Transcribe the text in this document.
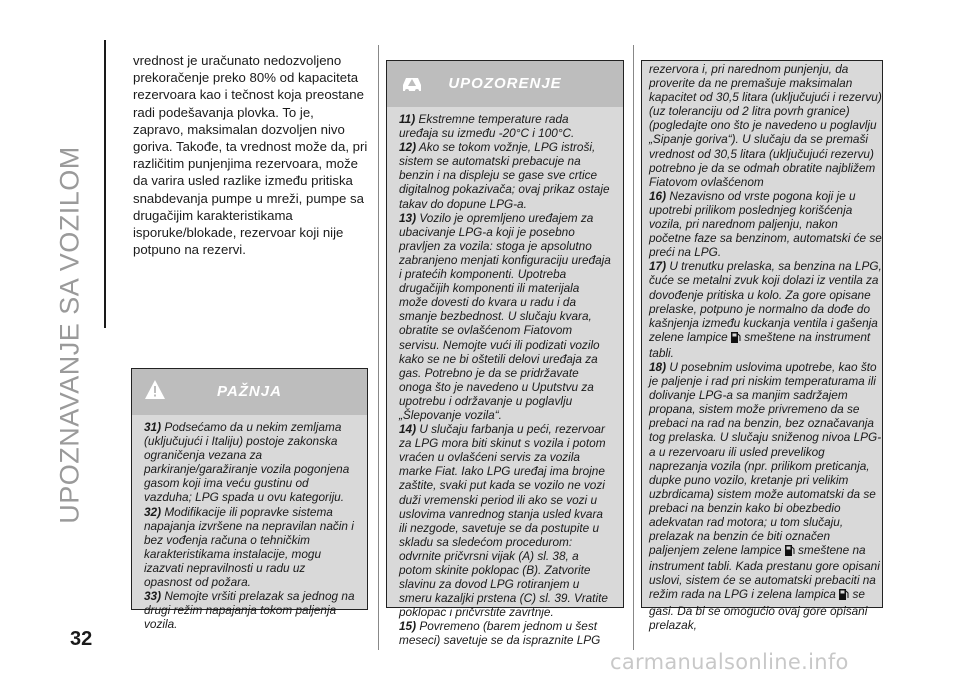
UPOZNAVANJE SA VOZILOM
32

vrednost je uračunato nedozvoljeno prekoračenje preko 80% od kapaciteta rezervoara kao i tečnost koja preostane radi podešavanja plovka. To je, zapravo, maksimalan dozvoljen nivo goriva. Takođe, ta vrednost može da, pri različitim punjenjima rezervoara, može da varira usled razlike između pritiska snabdevanja pumpe u mreži, pumpe sa drugačijim karakteristikama isporuke/blokade, rezervoar koji nije potpuno na rezervi.

PAŽNJA

31) Podsećamo da u nekim zemljama (uključujući i Italiju) postoje zakonska ograničenja vezana za parkiranje/garažiranje vozila pogonjena gasom koji ima veću gustinu od vazduha; LPG spada u ovu kategoriju.

32) Modifikacije ili popravke sistema napajanja izvršene na nepravilan način i bez vođenja računa o tehničkim karakteristikama instalacije, mogu izazvati nepravilnosti u radu uz opasnost od požara.

33) Nemojte vršiti prelazak sa jednog na drugi režim napajanja tokom paljenja vozila.

UPOZORENJE

11) Ekstremne temperature rada uređaja su između -20°C i 100°C.

12) Ako se tokom vožnje, LPG istroši, sistem se automatski prebacuje na benzin i na displeju se gase sve crtice digitalnog pokazivača; ovaj prikaz ostaje takav do dopune LPG-a.

13) Vozilo je opremljeno uređajem za ubacivanje LPG-a koji je posebno pravljen za vozila: stoga je apsolutno zabranjeno menjati konfiguraciju uređaja i pratećih komponenti. Upotreba drugačijih komponenti ili materijala može dovesti do kvara u radu i da smanje bezbednost. U slučaju kvara, obratite se ovlašćenom Fiatovom servisu. Nemojte vući ili podizati vozilo kako se ne bi oštetili delovi uređaja za gas. Potrebno je da se pridržavate onoga što je navedeno u Uputstvu za upotrebu i održavanje u poglavlju „Šlepovanje vozila“.

14) U slučaju farbanja u peći, rezervoar za LPG mora biti skinut s vozila i potom vraćen u ovlašćeni servis za vozila marke Fiat. Iako LPG uređaj ima brojne zaštite, svaki put kada se vozilo ne vozi duži vremenski period ili ako se vozi u uslovima vanrednog stanja usled kvara ili nezgode, savetuje se da postupite u skladu sa sledećom procedurom: odvrnite pričvrsni vijak (A) sl. 38, a potom skinite poklopac (B). Zatvorite slavinu za dovod LPG rotiranjem u smeru kazaljki prstena (C) sl. 39. Vratite poklopac i pričvrstite zavrtnje.

15) Povremeno (barem jednom u šest meseci) savetuje se da ispraznite LPG

rezervora i, pri narednom punjenju, da proverite da ne premašuje maksimalan kapacitet od 30,5 litara (uključujući i rezervu) (uz toleranciju od 2 litra povrh granice) (pogledajte ono što je navedeno u poglavlju „Sipanje goriva“). U slučaju da se premaši vrednost od 30,5 litara (uključujući rezervu) potrebno je da se odmah obratite najbližem Fiatovom ovlašćenom

16) Nezavisno od vrste pogona koji je u upotrebi prilikom poslednjeg korišćenja vozila, pri narednom paljenju, nakon početne faze sa benzinom, automatski će se preći na LPG.

17) U trenutku prelaska, sa benzina na LPG, čuće se metalni zvuk koji dolazi iz ventila za dovođenje pritiska u kolo. Za gore opisane prelaske, potpuno je normalno da dođe do kašnjenja između kuckanja ventila i gašenja zelene lampice smeštene na instrument tabli.

18) U posebnim uslovima upotrebe, kao što je paljenje i rad pri niskim temperaturama ili dolivanje LPG-a sa manjim sadržajem propana, sistem može privremeno da se prebaci na rad na benzin, bez označavanja tog prelaska. U slučaju sniženog nivoa LPG-a u rezervoaru ili usled prevelikog naprezanja vozila (npr. prilikom preticanja, dupke puno vozilo, kretanje pri velikim uzbrdicama) sistem može automatski da se prebaci na benzin kako bi obezbedio adekvatan rad motora; u tom slučaju, prelazak na benzin će biti označen paljenjem zelene lampice smeštene na instrument tabli. Kada prestanu gore opisani uslovi, sistem će se automatski prebaciti na režim rada na LPG i zelena lampica se gasi. Da bi se omogućio ovaj gore opisani prelazak,

carmanualsonline.info
